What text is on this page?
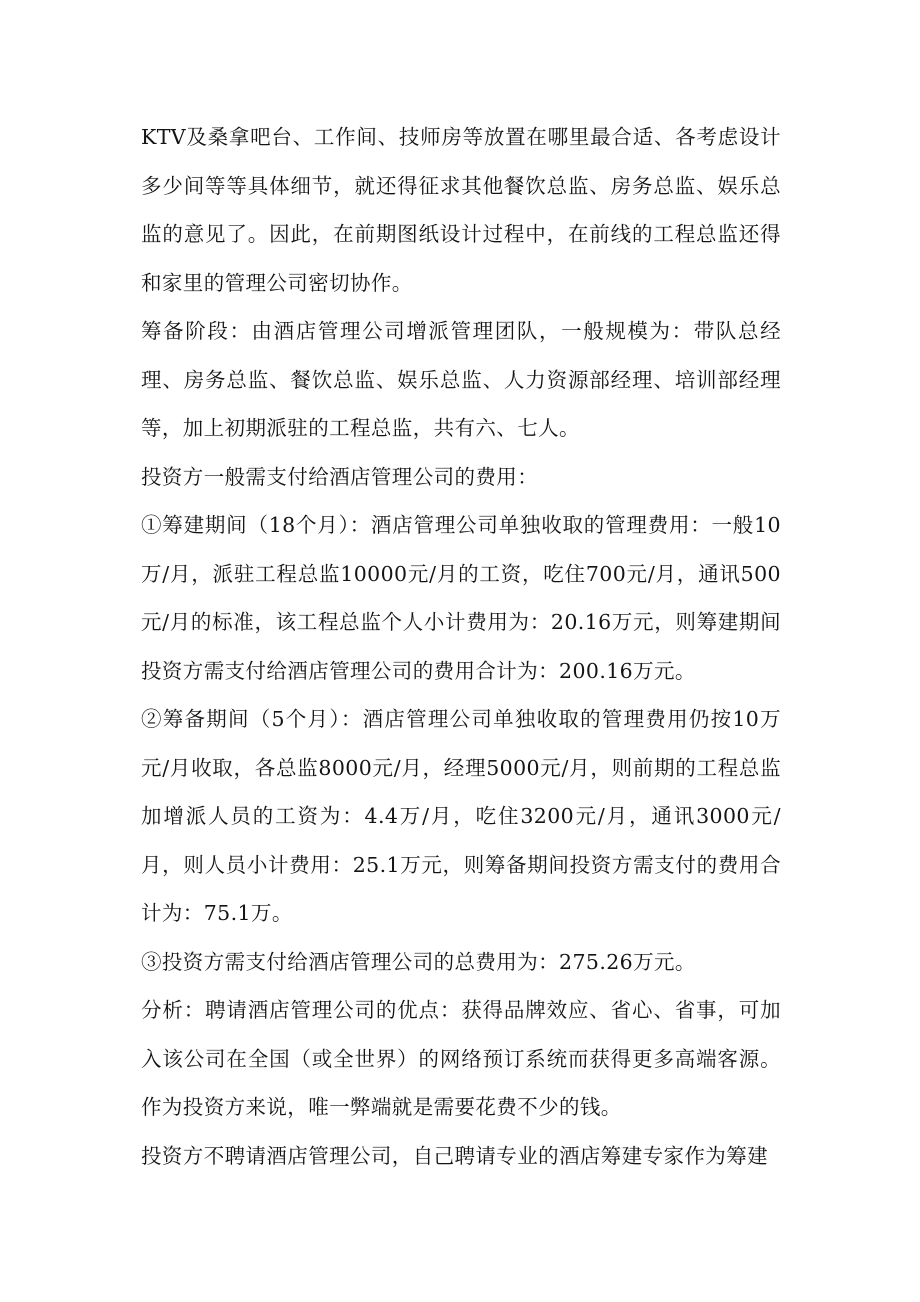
KTV及桑拿吧台、工作间、技师房等放置在哪里最合适、各考虑设计多少间等等具体细节，就还得征求其他餐饮总监、房务总监、娱乐总监的意见了。因此，在前期图纸设计过程中，在前线的工程总监还得和家里的管理公司密切协作。

筹备阶段：由酒店管理公司增派管理团队，一般规模为：带队总经理、房务总监、餐饮总监、娱乐总监、人力资源部经理、培训部经理等，加上初期派驻的工程总监，共有六、七人。

投资方一般需支付给酒店管理公司的费用：

①筹建期间（18个月）：酒店管理公司单独收取的管理费用：一般10万/月，派驻工程总监10000元/月的工资，吃住700元/月，通讯500元/月的标准，该工程总监个人小计费用为：20.16万元，则筹建期间投资方需支付给酒店管理公司的费用合计为：200.16万元。

②筹备期间（5个月）：酒店管理公司单独收取的管理费用仍按10万元/月收取，各总监8000元/月，经理5000元/月，则前期的工程总监加增派人员的工资为：4.4万/月，吃住3200元/月，通讯3000元/月，则人员小计费用：25.1万元，则筹备期间投资方需支付的费用合计为：75.1万。

③投资方需支付给酒店管理公司的总费用为：275.26万元。

分析：聘请酒店管理公司的优点：获得品牌效应、省心、省事，可加入该公司在全国（或全世界）的网络预订系统而获得更多高端客源。作为投资方来说，唯一弊端就是需要花费不少的钱。

投资方不聘请酒店管理公司，自己聘请专业的酒店筹建专家作为筹建
